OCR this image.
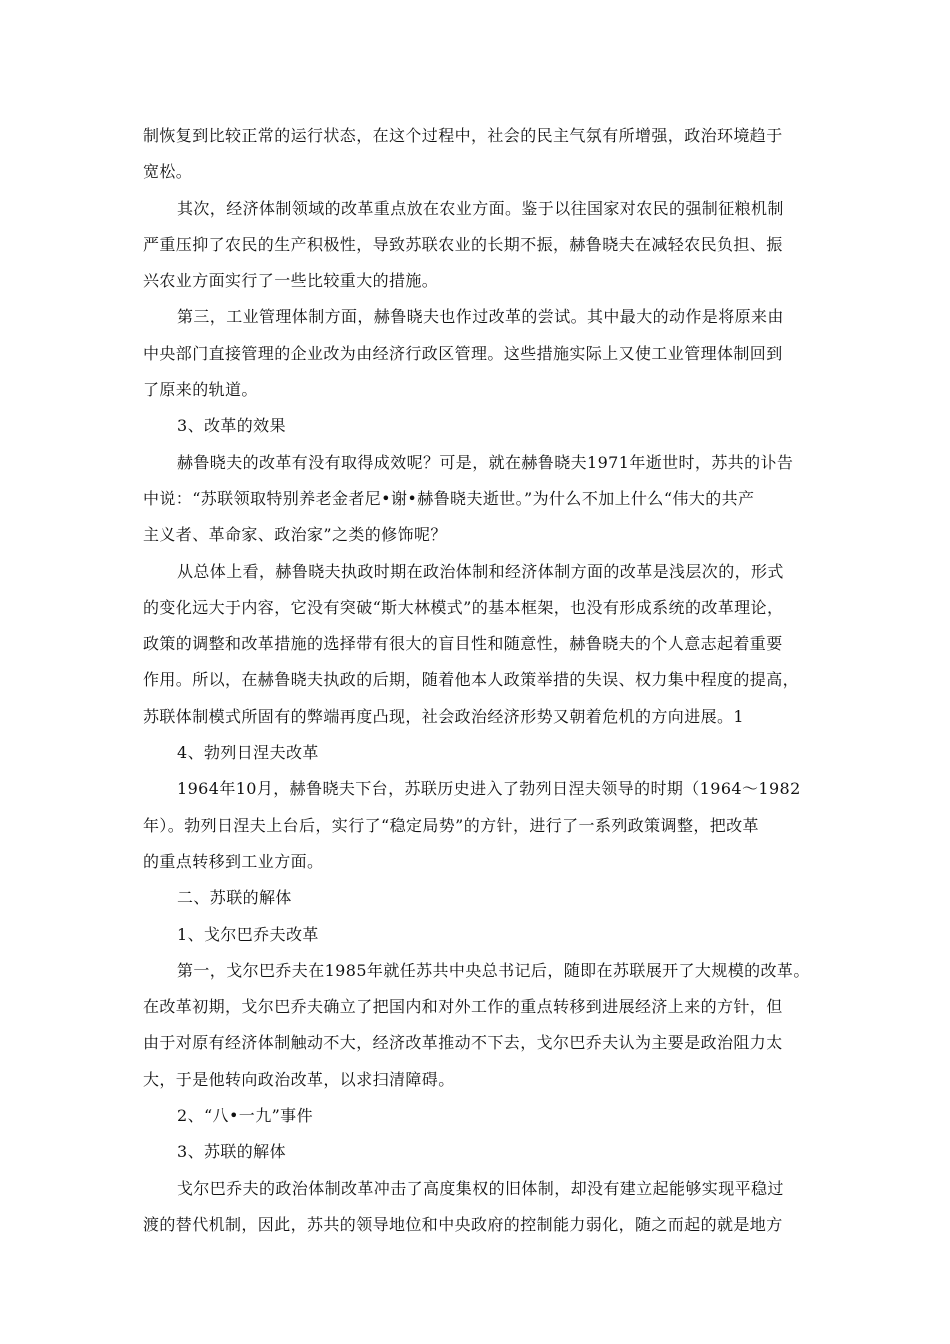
制恢复到比较正常的运行状态，在这个过程中，社会的民主气氛有所增强，政治环境趋于
宽松。
其次，经济体制领域的改革重点放在农业方面。鉴于以往国家对农民的强制征粮机制
严重压抑了农民的生产积极性，导致苏联农业的长期不振，赫鲁晓夫在减轻农民负担、振
兴农业方面实行了一些比较重大的措施。
第三，工业管理体制方面，赫鲁晓夫也作过改革的尝试。其中最大的动作是将原来由
中央部门直接管理的企业改为由经济行政区管理。这些措施实际上又使工业管理体制回到
了原来的轨道。
3、改革的效果
赫鲁晓夫的改革有没有取得成效呢？可是，就在赫鲁晓夫1971年逝世时，苏共的讣告
中说：“苏联领取特别养老金者尼•谢•赫鲁晓夫逝世。”为什么不加上什么“伟大的共产
主义者、革命家、政治家”之类的修饰呢？
从总体上看，赫鲁晓夫执政时期在政治体制和经济体制方面的改革是浅层次的，形式
的变化远大于内容，它没有突破“斯大林模式”的基本框架，也没有形成系统的改革理论，
政策的调整和改革措施的选择带有很大的盲目性和随意性，赫鲁晓夫的个人意志起着重要
作用。所以，在赫鲁晓夫执政的后期，随着他本人政策举措的失误、权力集中程度的提高，
苏联体制模式所固有的弊端再度凸现，社会政治经济形势又朝着危机的方向进展。1
4、勃列日涅夫改革
1964年10月，赫鲁晓夫下台，苏联历史进入了勃列日涅夫领导的时期（1964～1982
年）。勃列日涅夫上台后，实行了“稳定局势”的方针，进行了一系列政策调整，把改革
的重点转移到工业方面。
二、苏联的解体
1、戈尔巴乔夫改革
第一，戈尔巴乔夫在1985年就任苏共中央总书记后，随即在苏联展开了大规模的改革。
在改革初期，戈尔巴乔夫确立了把国内和对外工作的重点转移到进展经济上来的方针，但
由于对原有经济体制触动不大，经济改革推动不下去，戈尔巴乔夫认为主要是政治阻力太
大，于是他转向政治改革，以求扫清障碍。
2、“八•一九”事件
3、苏联的解体
戈尔巴乔夫的政治体制改革冲击了高度集权的旧体制，却没有建立起能够实现平稳过
渡的替代机制，因此，苏共的领导地位和中央政府的控制能力弱化，随之而起的就是地方
